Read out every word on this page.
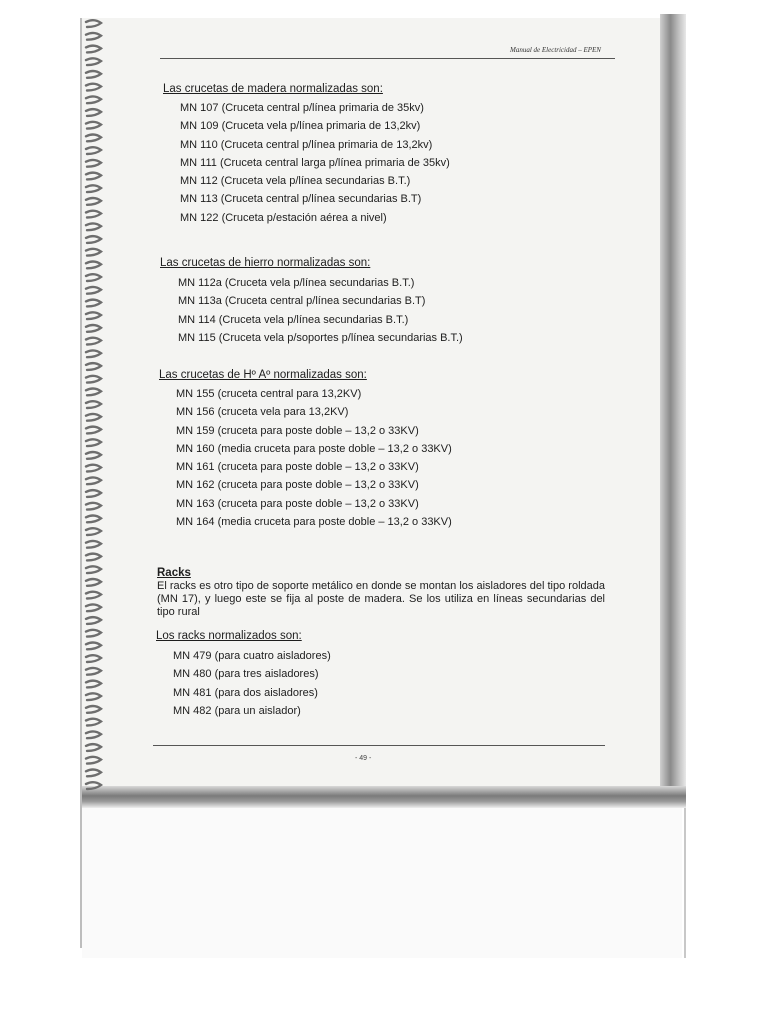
Manual de Electricidad – EPEN
Las crucetas de madera normalizadas son:
MN 107 (Cruceta central p/línea primaria de 35kv)
MN 109 (Cruceta vela p/línea primaria de 13,2kv)
MN 110 (Cruceta central p/línea primaria de 13,2kv)
MN 111 (Cruceta central larga p/línea primaria de 35kv)
MN 112 (Cruceta vela p/línea secundarias B.T.)
MN 113 (Cruceta central p/línea secundarias B.T)
MN 122 (Cruceta p/estación aérea a nivel)
Las crucetas de hierro normalizadas son:
MN 112a (Cruceta vela p/línea secundarias B.T.)
MN 113a (Cruceta central p/línea secundarias B.T)
MN 114 (Cruceta vela p/línea secundarias B.T.)
MN 115 (Cruceta vela p/soportes p/línea secundarias B.T.)
Las crucetas de Hº Aº normalizadas son:
MN 155 (cruceta central para 13,2KV)
MN 156 (cruceta vela para 13,2KV)
MN 159 (cruceta para poste doble – 13,2 o 33KV)
MN 160 (media cruceta para poste doble – 13,2 o 33KV)
MN 161 (cruceta para poste doble – 13,2 o 33KV)
MN 162 (cruceta para poste doble – 13,2 o 33KV)
MN 163 (cruceta para poste doble – 13,2 o 33KV)
MN 164 (media cruceta para poste doble – 13,2 o 33KV)
Racks

El racks es otro tipo de soporte metálico en donde se montan los aisladores del tipo roldada (MN 17), y luego este se fija al poste de madera. Se los utiliza en líneas secundarias del tipo rural

Los racks normalizados son:
MN 479 (para cuatro aisladores)
MN 480 (para tres aisladores)
MN 481 (para dos aisladores)
MN 482 (para un aislador)
- 49 -
